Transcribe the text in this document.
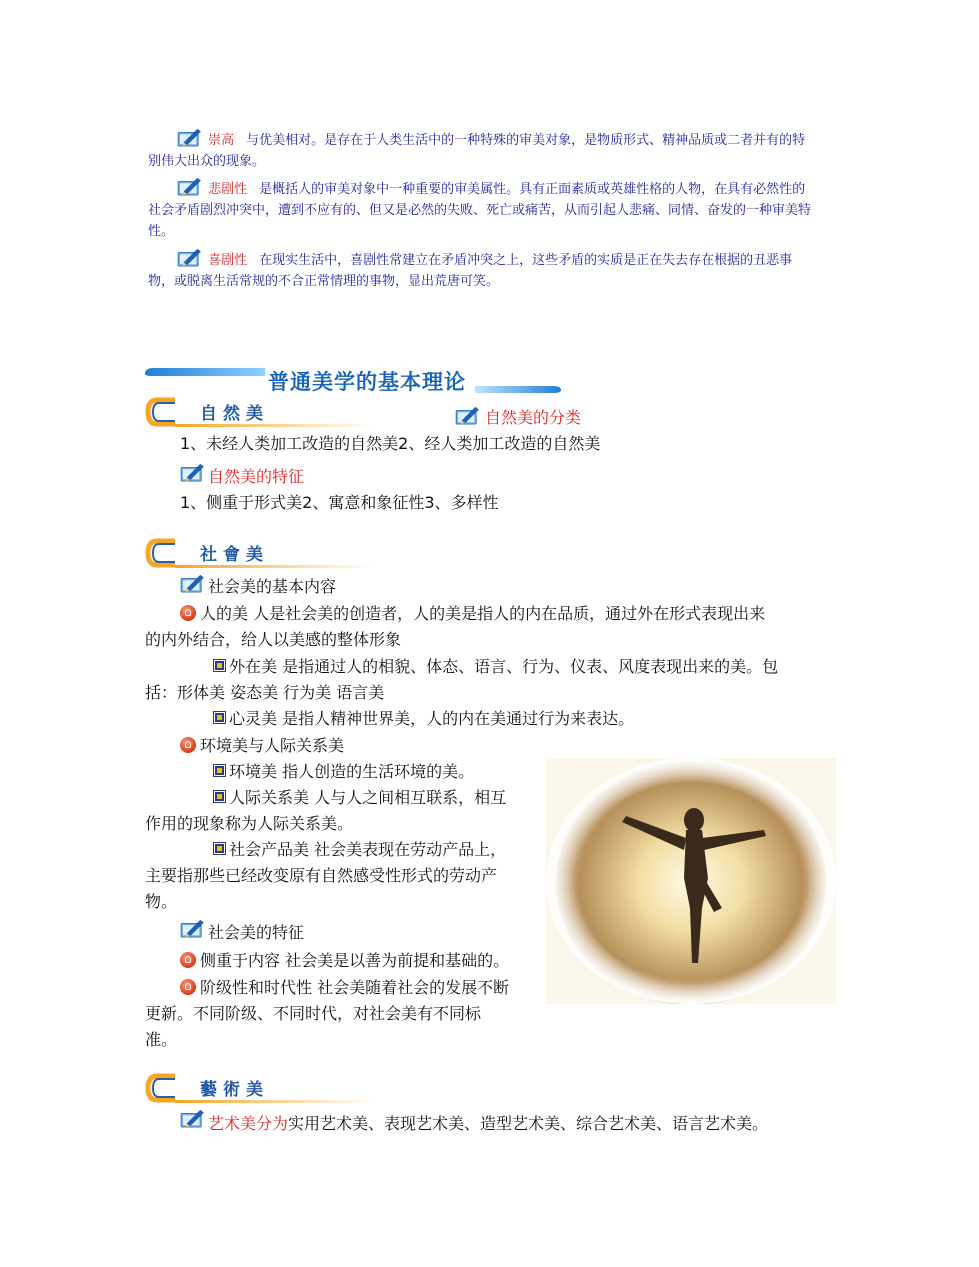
崇高 与优美相对。是存在于人类生活中的一种特殊的审美对象，是物质形式、精神品质或二者并有的特别伟大出众的现象。
悲剧性 是概括人的审美对象中一种重要的审美属性。具有正面素质或英雄性格的人物，在具有必然性的社会矛盾剧烈冲突中，遭到不应有的、但又是必然的失败、死亡或痛苦，从而引起人悲痛、同情、奋发的一种审美特性。
喜剧性 在现实生活中，喜剧性常建立在矛盾冲突之上，这些矛盾的实质是正在失去存在根据的丑恶事物，或脱离生活常规的不合正常情理的事物，显出荒唐可笑。
普通美学的基本理论
自然美	自然美的分类
1、未经人类加工改造的自然美2、经人类加工改造的自然美
自然美的特征
1、侧重于形式美2、寓意和象征性3、多样性
社會美
社会美的基本内容
人的美 人是社会美的创造者，人的美是指人的内在品质，通过外在形式表现出来
的内外结合，给人以美感的整体形象
外在美 是指通过人的相貌、体态、语言、行为、仪表、风度表现出来的美。包
括：形体美 姿态美 行为美 语言美
心灵美 是指人精神世界美，人的内在美通过行为来表达。
环境美与人际关系美
环境美 指人创造的生活环境的美。
人际关系美 人与人之间相互联系，相互
作用的现象称为人际关系美。
社会产品美 社会美表现在劳动产品上，
主要指那些已经改变原有自然感受性形式的劳动产
物。
社会美的特征
侧重于内容 社会美是以善为前提和基础的。
阶级性和时代性 社会美随着社会的发展不断
更新。不同阶级、不同时代，对社会美有不同标
准。
藝術美
艺术美分为实用艺术美、表现艺术美、造型艺术美、综合艺术美、语言艺术美。
